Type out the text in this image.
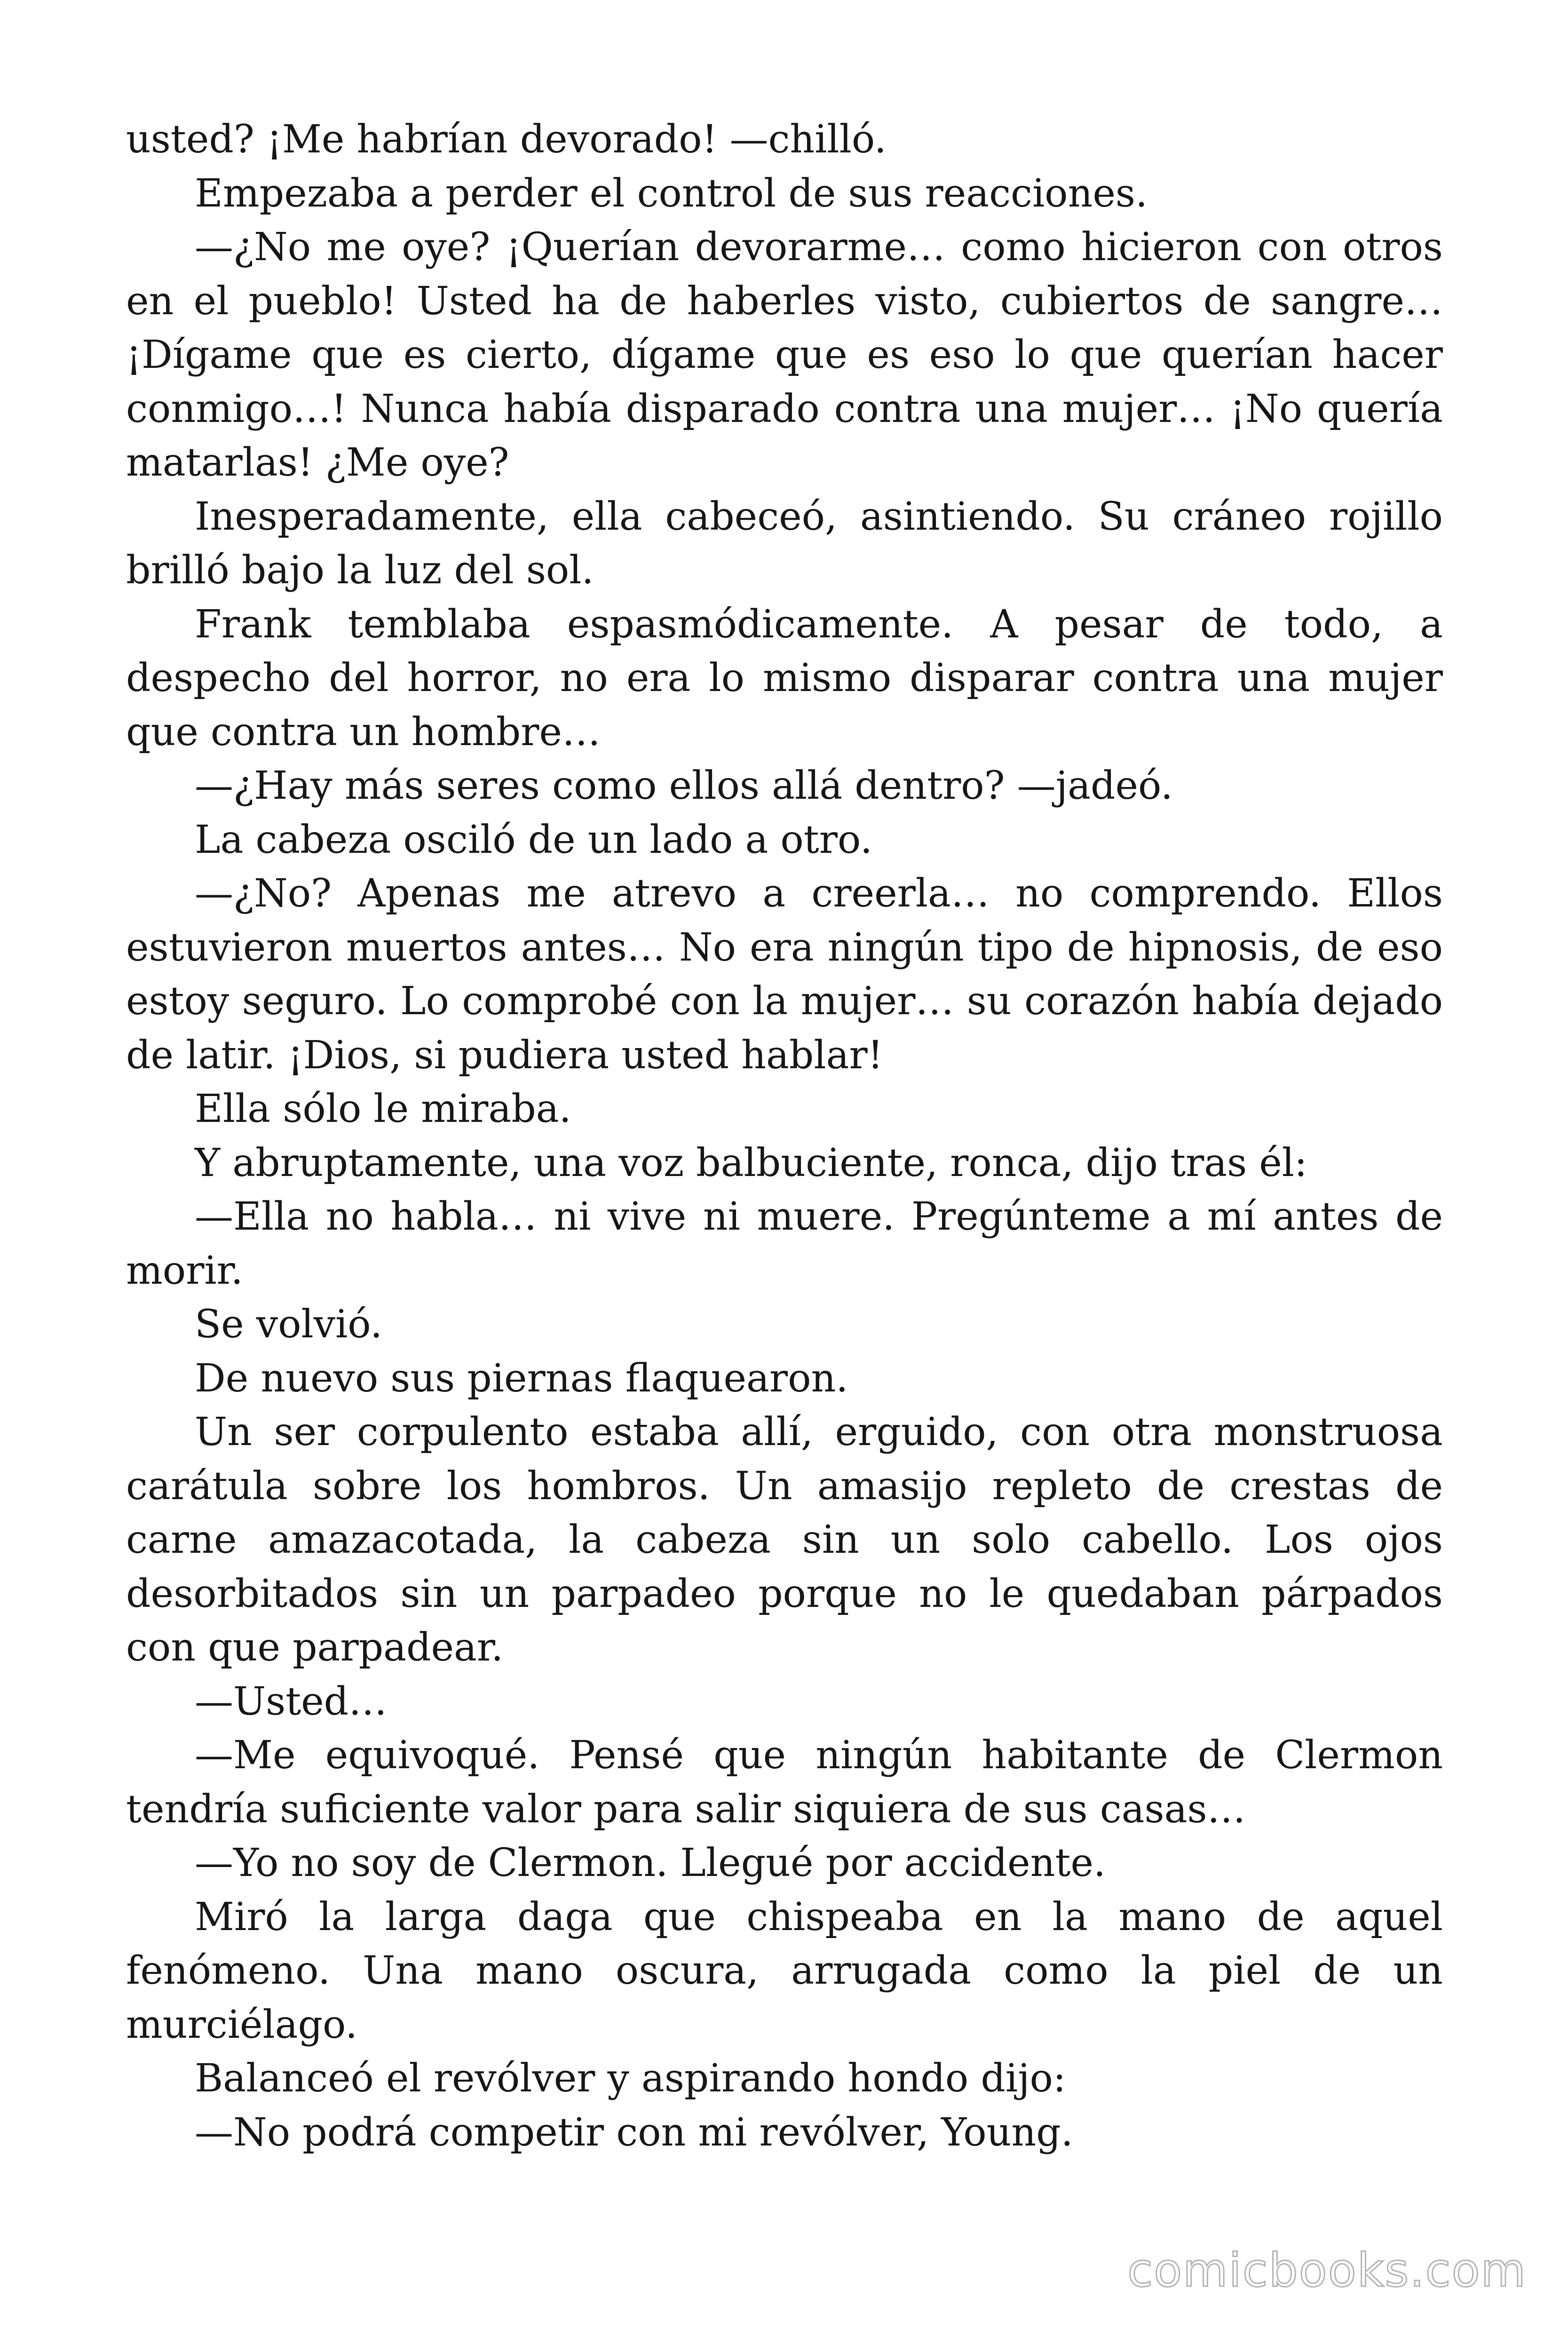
usted? ¡Me habrían devorado! —chilló.

Empezaba a perder el control de sus reacciones.

—¿No me oye? ¡Querían devorarme… como hicieron con otros en el pueblo! Usted ha de haberles visto, cubiertos de sangre… ¡Dígame que es cierto, dígame que es eso lo que querían hacer conmigo…! Nunca había disparado contra una mujer… ¡No quería matarlas! ¿Me oye?

Inesperadamente, ella cabeceó, asintiendo. Su cráneo rojillo brilló bajo la luz del sol.

Frank temblaba espasmódicamente. A pesar de todo, a despecho del horror, no era lo mismo disparar contra una mujer que contra un hombre…

—¿Hay más seres como ellos allá dentro? —jadeó.

La cabeza osciló de un lado a otro.

—¿No? Apenas me atrevo a creerla… no comprendo. Ellos estuvieron muertos antes… No era ningún tipo de hipnosis, de eso estoy seguro. Lo comprobé con la mujer… su corazón había dejado de latir. ¡Dios, si pudiera usted hablar!

Ella sólo le miraba.

Y abruptamente, una voz balbuciente, ronca, dijo tras él:

—Ella no habla… ni vive ni muere. Pregúnteme a mí antes de morir.

Se volvió.

De nuevo sus piernas flaquearon.

Un ser corpulento estaba allí, erguido, con otra monstruosa carátula sobre los hombros. Un amasijo repleto de crestas de carne amazacotada, la cabeza sin un solo cabello. Los ojos desorbitados sin un parpadeo porque no le quedaban párpados con que parpadear.

—Usted…

—Me equivoqué. Pensé que ningún habitante de Clermon tendría suficiente valor para salir siquiera de sus casas…

—Yo no soy de Clermon. Llegué por accidente.

Miró la larga daga que chispeaba en la mano de aquel fenómeno. Una mano oscura, arrugada como la piel de un murciélago.

Balanceó el revólver y aspirando hondo dijo:

—No podrá competir con mi revólver, Young.

comicbooks.com
